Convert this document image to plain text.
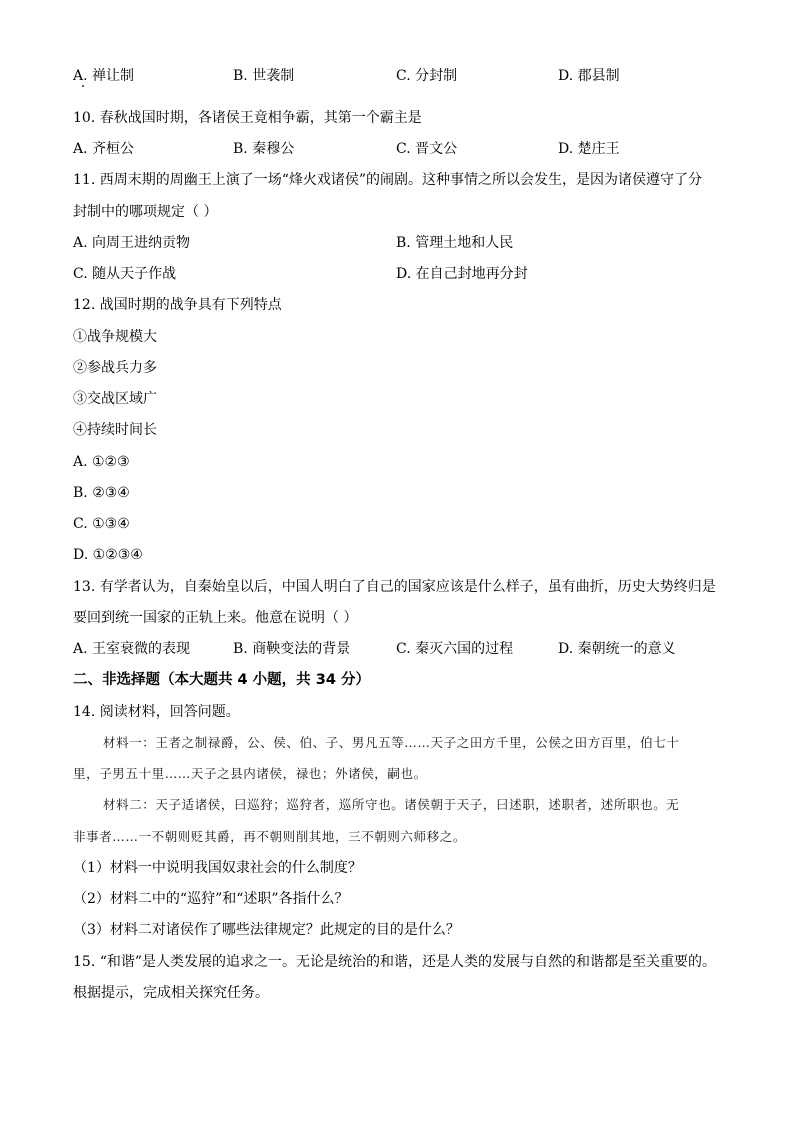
A. 禅让制	B. 世袭制	C. 分封制	D. 郡县制
10. 春秋战国时期，各诸侯王竟相争霸，其第一个霸主是
A. 齐桓公	B. 秦穆公	C. 晋文公	D. 楚庄王
11. 西周末期的周幽王上演了一场“烽火戏诸侯”的闹剧。这种事情之所以会发生，是因为诸侯遵守了分
封制中的哪项规定（ ）
A. 向周王进纳贡物	B. 管理土地和人民
C. 随从天子作战	D. 在自己封地再分封
12. 战国时期的战争具有下列特点
①战争规模大
②参战兵力多
③交战区域广
④持续时间长
A. ①②③
B. ②③④
C. ①③④
D. ①②③④
13. 有学者认为，自秦始皇以后，中国人明白了自己的国家应该是什么样子，虽有曲折，历史大势终归是
要回到统一国家的正轨上来。他意在说明（ ）
A. 王室衰微的表现	B. 商鞅变法的背景	C. 秦灭六国的过程	D. 秦朝统一的意义
二、非选择题（本大题共 4 小题，共 34 分）
14. 阅读材料，回答问题。
材料一：王者之制禄爵，公、侯、伯、子、男凡五等……天子之田方千里，公侯之田方百里，伯七十
里，子男五十里……天子之县内诸侯，禄也；外诸侯，嗣也。
材料二：天子适诸侯，曰巡狩；巡狩者，巡所守也。诸侯朝于天子，曰述职，述职者，述所职也。无
非事者……一不朝则贬其爵，再不朝则削其地，三不朝则六师移之。
（1）材料一中说明我国奴隶社会的什么制度？
（2）材料二中的“巡狩”和“述职”各指什么？
（3）材料二对诸侯作了哪些法律规定？此规定的目的是什么？
15. “和谐”是人类发展的追求之一。无论是统治的和谐，还是人类的发展与自然的和谐都是至关重要的。
根据提示，完成相关探究任务。
